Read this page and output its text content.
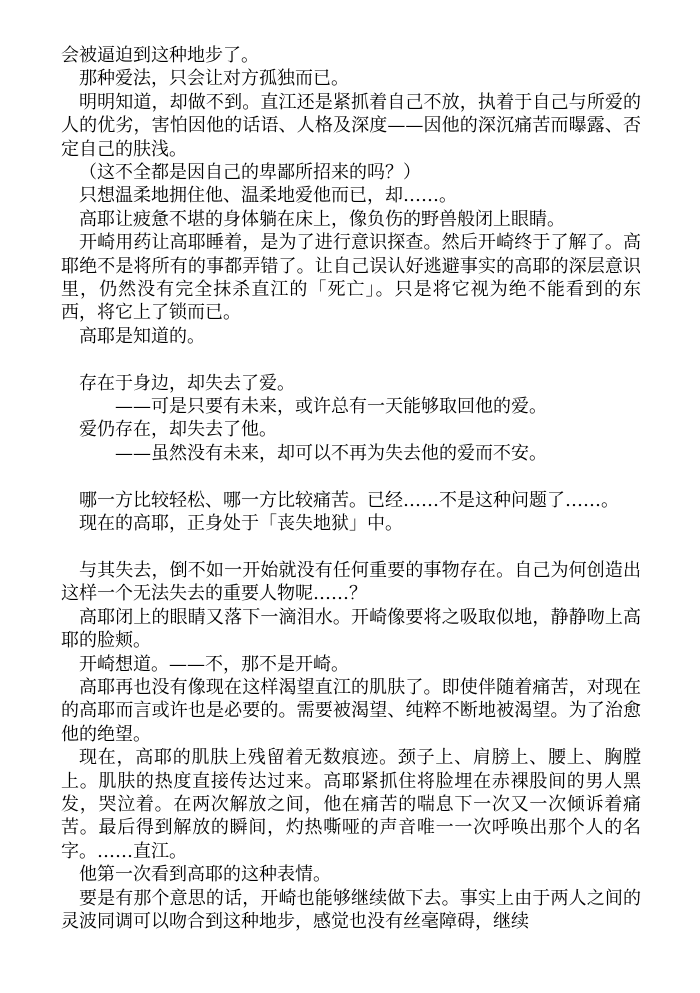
会被逼迫到这种地步了。

那种爱法，只会让对方孤独而已。

明明知道，却做不到。直江还是紧抓着自己不放，执着于自己与所爱的人的优劣，害怕因他的话语、人格及深度——因他的深沉痛苦而曝露、否定自己的肤浅。

（这不全都是因自己的卑鄙所招来的吗？）

只想温柔地拥住他、温柔地爱他而已，却……。

高耶让疲惫不堪的身体躺在床上，像负伤的野兽般闭上眼睛。

开崎用药让高耶睡着，是为了进行意识探查。然后开崎终于了解了。高耶绝不是将所有的事都弄错了。让自己误认好逃避事实的高耶的深层意识里，仍然没有完全抹杀直江的「死亡」。只是将它视为绝不能看到的东西，将它上了锁而已。

高耶是知道的。

存在于身边，却失去了爱。

——可是只要有未来，或许总有一天能够取回他的爱。

爱仍存在，却失去了他。

——虽然没有未来，却可以不再为失去他的爱而不安。

哪一方比较轻松、哪一方比较痛苦。已经……不是这种问题了……。

现在的高耶，正身处于「丧失地狱」中。

与其失去，倒不如一开始就没有任何重要的事物存在。自己为何创造出这样一个无法失去的重要人物呢……？

高耶闭上的眼睛又落下一滴泪水。开崎像要将之吸取似地，静静吻上高耶的脸颊。

开崎想道。——不，那不是开崎。

高耶再也没有像现在这样渴望直江的肌肤了。即使伴随着痛苦，对现在的高耶而言或许也是必要的。需要被渴望、纯粹不断地被渴望。为了治愈他的绝望。

现在，高耶的肌肤上残留着无数痕迹。颈子上、肩膀上、腰上、胸膛上。肌肤的热度直接传达过来。高耶紧抓住将脸埋在赤裸股间的男人黑发，哭泣着。在两次解放之间，他在痛苦的喘息下一次又一次倾诉着痛苦。最后得到解放的瞬间，灼热嘶哑的声音唯一一次呼唤出那个人的名字。……直江。

他第一次看到高耶的这种表情。

要是有那个意思的话，开崎也能够继续做下去。事实上由于两人之间的灵波同调可以吻合到这种地步，感觉也没有丝毫障碍，继续
